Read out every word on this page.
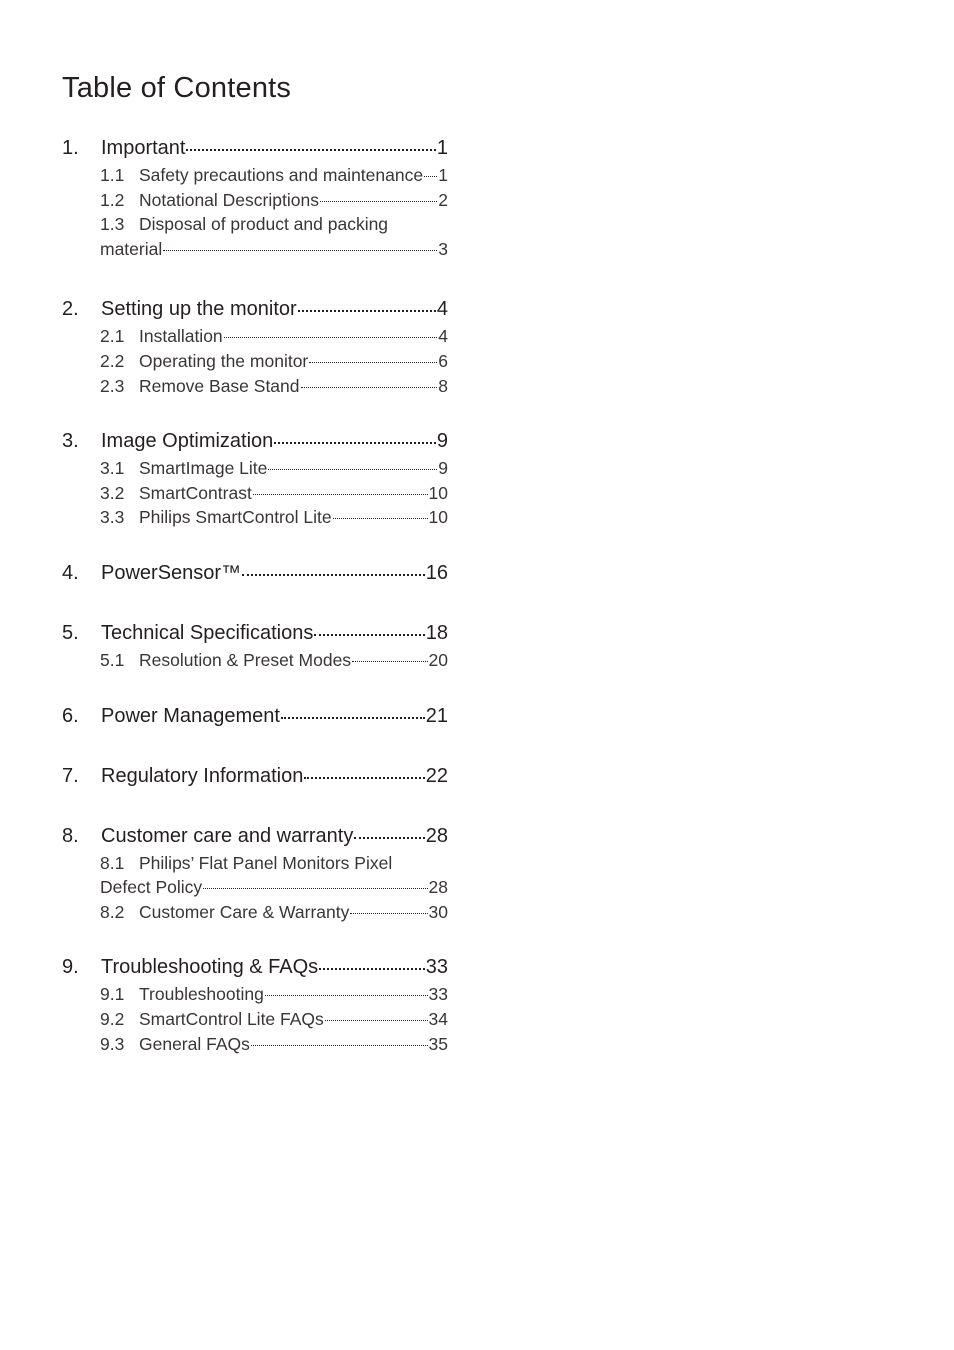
Table of Contents
1.	Important	1
1.1 Safety precautions and maintenance 1
1.2 Notational Descriptions	2
1.3 Disposal of product and packing
material	3
2.	Setting up the monitor	4
2.1 Installation	4
2.2 Operating the monitor	6
2.3 Remove Base Stand	8
3.	Image Optimization	9
3.1 SmartImage Lite	9
3.2 SmartContrast	10
3.3 Philips SmartControl Lite	10
4.	PowerSensor™	16
5.	Technical Specifications	18
5.1 Resolution & Preset Modes	20
6.	Power Management	21
7.	Regulatory Information	22
8.	Customer care and warranty	28
8.1 Philips’ Flat Panel Monitors Pixel
Defect Policy	28
8.2 Customer Care & Warranty	30
9.	Troubleshooting & FAQs	33
9.1 Troubleshooting	33
9.2 SmartControl Lite FAQs	34
9.3 General FAQs	35
